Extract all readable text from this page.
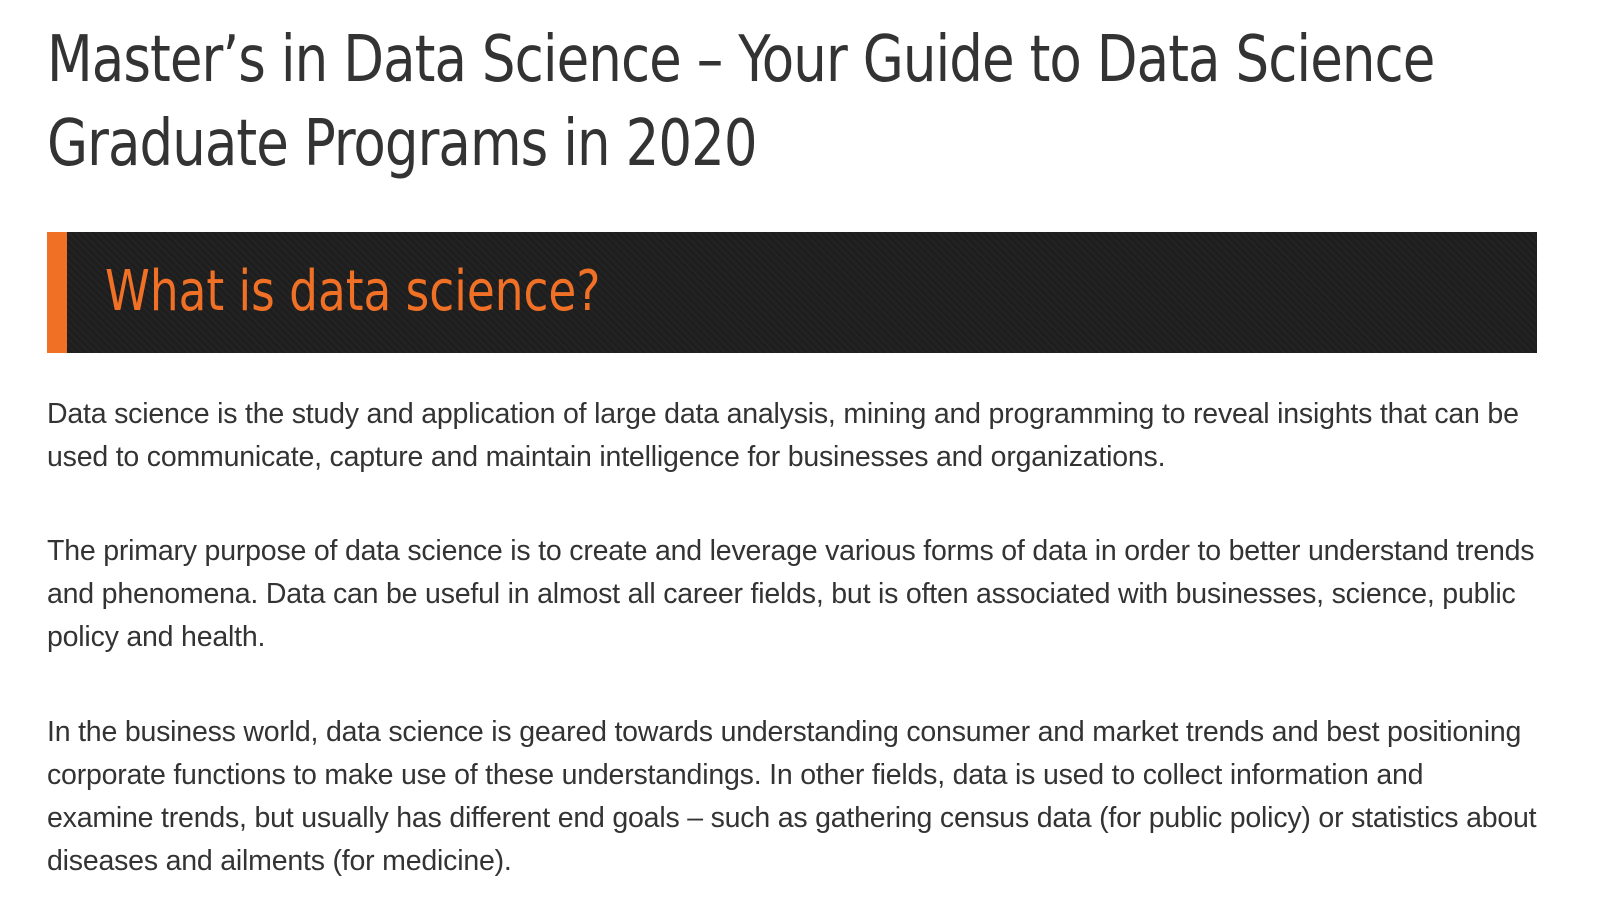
Master’s in Data Science – Your Guide to Data Science Graduate Programs in 2020
What is data science?

Data science is the study and application of large data analysis, mining and programming to reveal insights that can be used to communicate, capture and maintain intelligence for businesses and organizations.

The primary purpose of data science is to create and leverage various forms of data in order to better understand trends and phenomena. Data can be useful in almost all career fields, but is often associated with businesses, science, public policy and health.

In the business world, data science is geared towards understanding consumer and market trends and best positioning corporate functions to make use of these understandings. In other fields, data is used to collect information and examine trends, but usually has different end goals – such as gathering census data (for public policy) or statistics about diseases and ailments (for medicine).
